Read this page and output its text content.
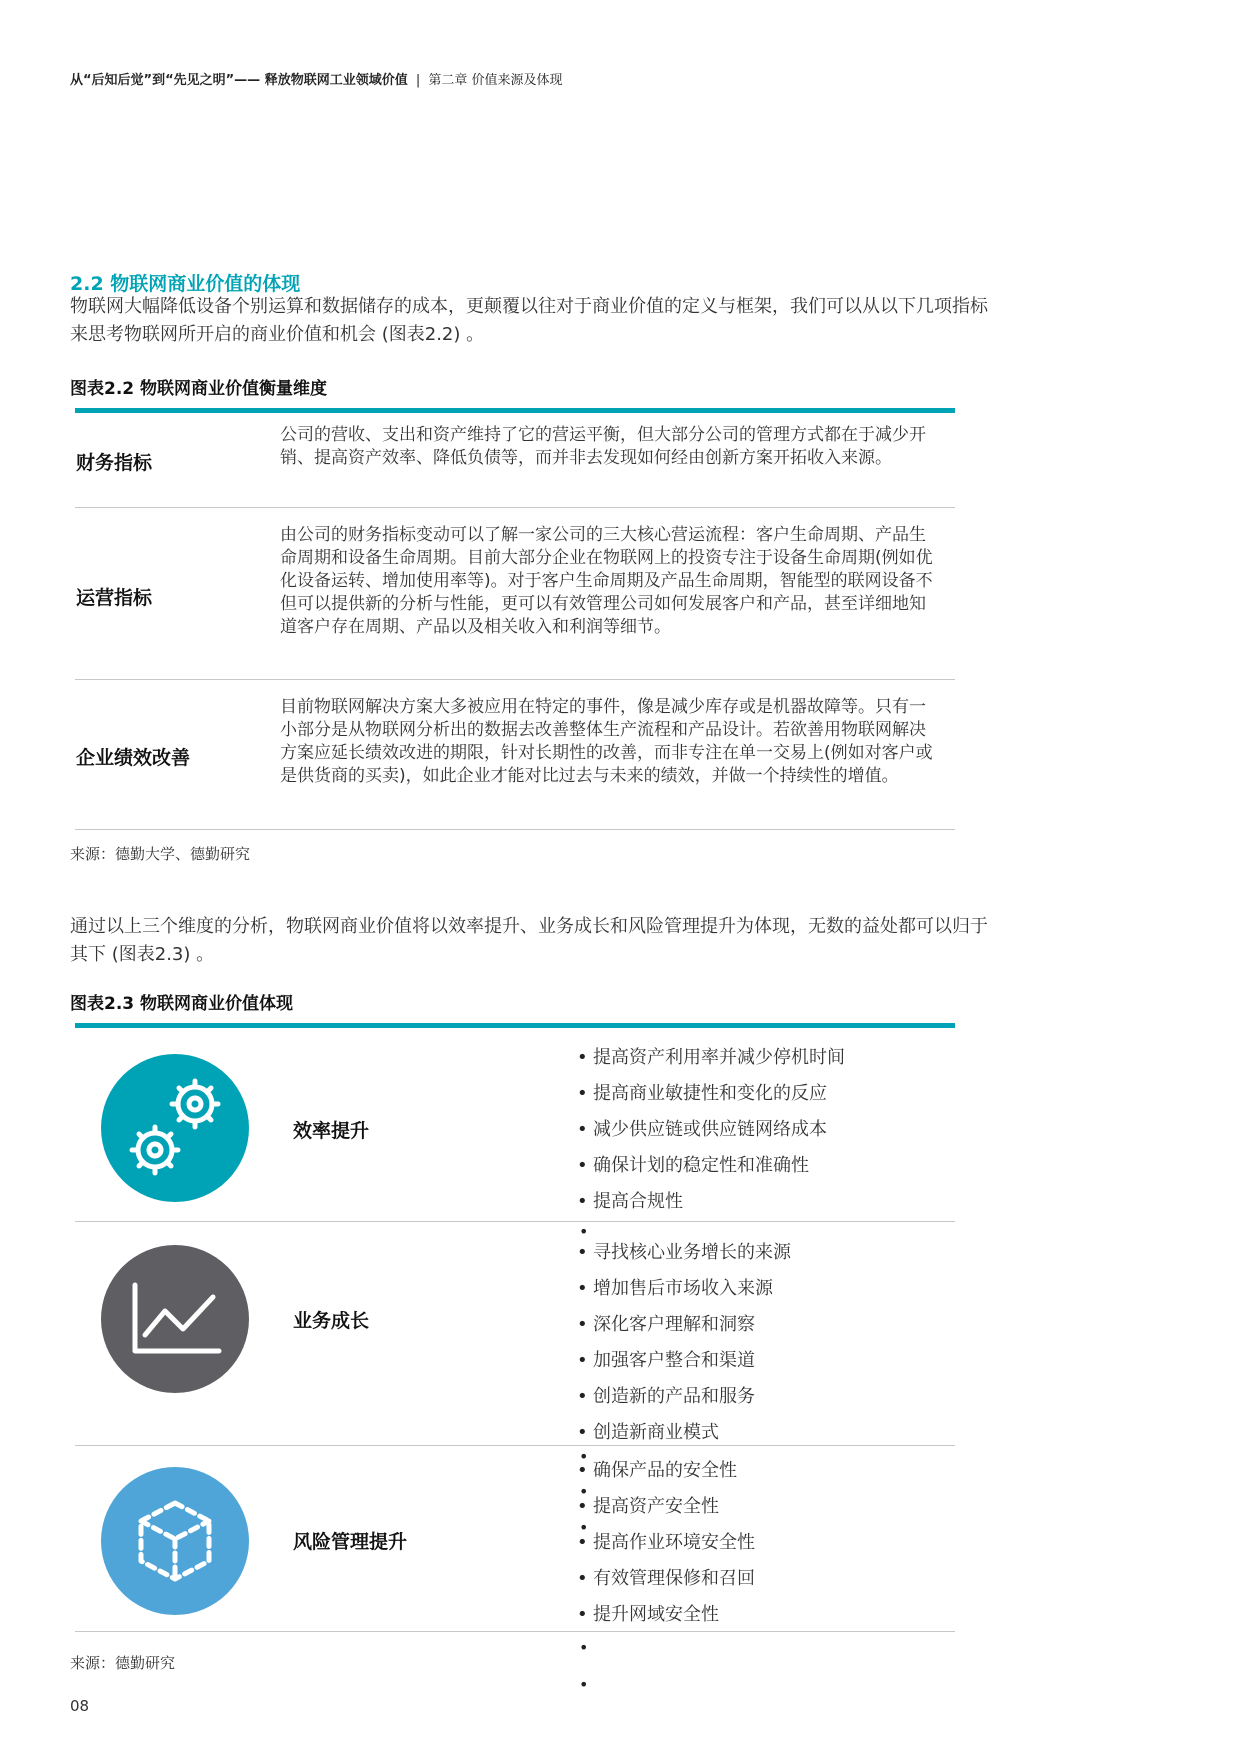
从“后知后觉”到“先见之明”—— 释放物联网工业领域价值 | 第二章 价值来源及体现
2.2 物联网商业价值的体现
物联网大幅降低设备个别运算和数据储存的成本，更颠覆以往对于商业价值的定义与框架，我们可以从以下几项指标来思考物联网所开启的商业价值和机会 (图表2.2) 。
图表2.2 物联网商业价值衡量维度
财务指标
公司的营收、支出和资产维持了它的营运平衡，但大部分公司的管理方式都在于减少开销、提高资产效率、降低负债等，而并非去发现如何经由创新方案开拓收入来源。
运营指标
由公司的财务指标变动可以了解一家公司的三大核心营运流程：客户生命周期、产品生命周期和设备生命周期。目前大部分企业在物联网上的投资专注于设备生命周期(例如优化设备运转、增加使用率等)。对于客户生命周期及产品生命周期，智能型的联网设备不但可以提供新的分析与性能，更可以有效管理公司如何发展客户和产品，甚至详细地知道客户存在周期、产品以及相关收入和利润等细节。
企业绩效改善
目前物联网解决方案大多被应用在特定的事件，像是减少库存或是机器故障等。只有一小部分是从物联网分析出的数据去改善整体生产流程和产品设计。若欲善用物联网解决方案应延长绩效改进的期限，针对长期性的改善，而非专注在单一交易上(例如对客户或是供货商的买卖)，如此企业才能对比过去与未来的绩效，并做一个持续性的增值。
来源：德勤大学、德勤研究
通过以上三个维度的分析，物联网商业价值将以效率提升、业务成长和风险管理提升为体现，无数的益处都可以归于其下 (图表2.3) 。
图表2.3 物联网商业价值体现
效率提升
• 提高资产利用率并减少停机时间
• 提高商业敏捷性和变化的反应
• 减少供应链或供应链网络成本
• 确保计划的稳定性和准确性
• 提高合规性
•
业务成长
• 寻找核心业务增长的来源
• 增加售后市场收入来源
• 深化客户理解和洞察
• 加强客户整合和渠道
• 创造新的产品和服务
• 创造新商业模式
•
•
•
风险管理提升
• 确保产品的安全性
• 提高资产安全性
• 提高作业环境安全性
• 有效管理保修和召回
• 提升网域安全性
•
•
来源：德勤研究
08
